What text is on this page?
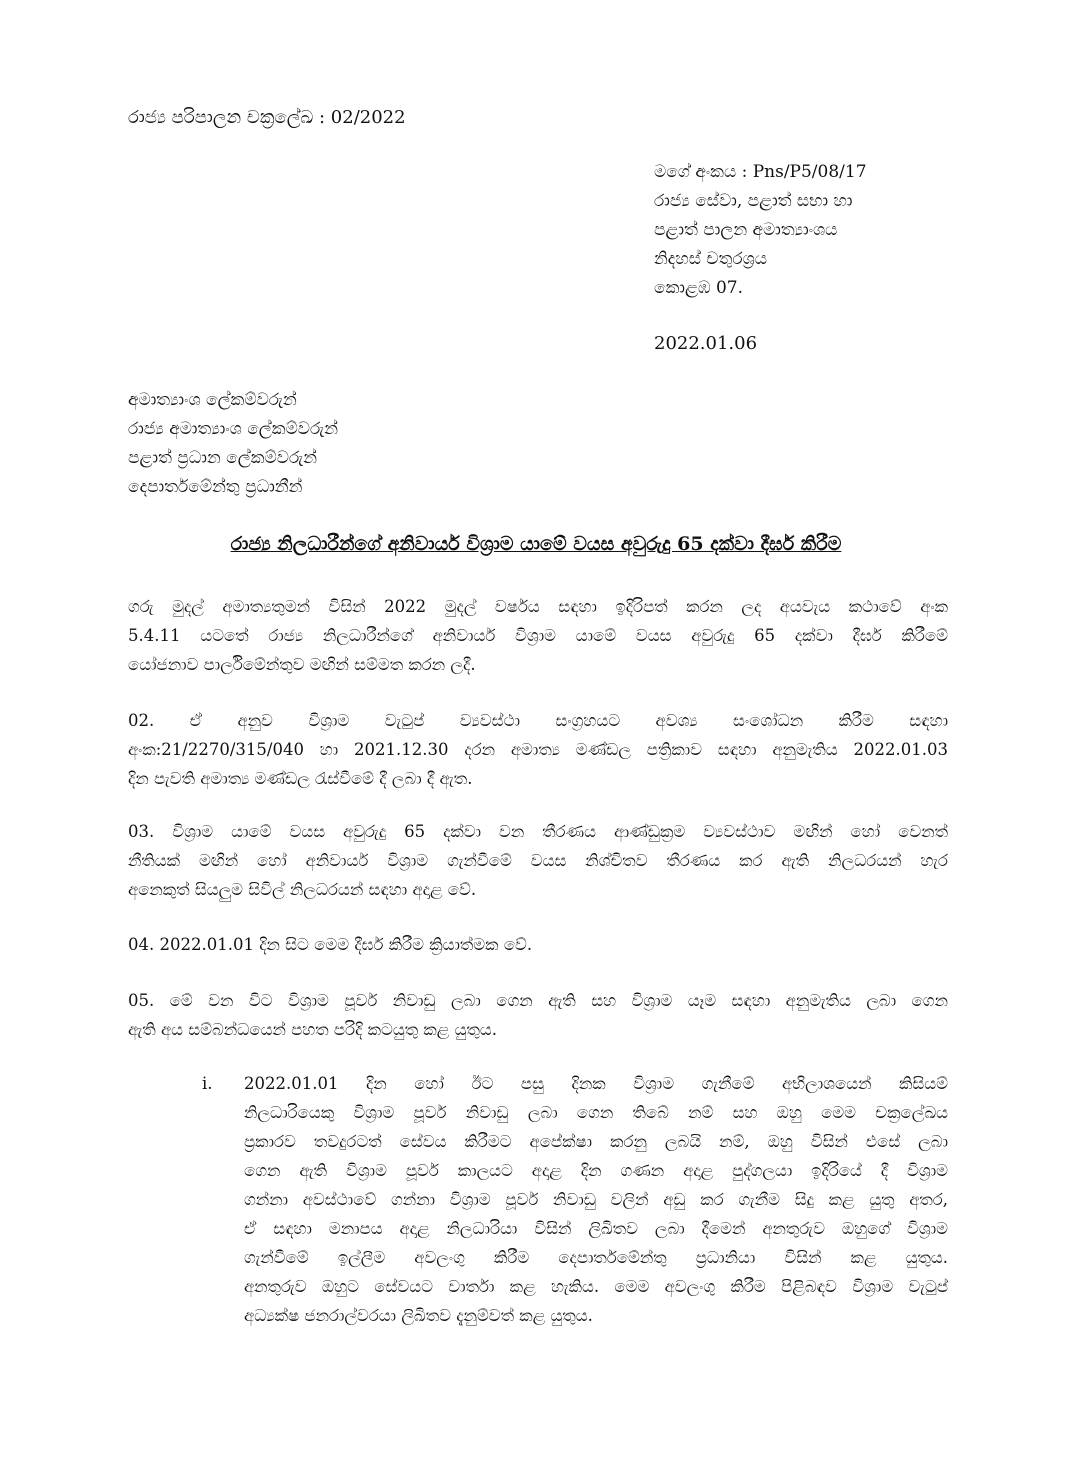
රාජ්‍ය පරිපාලන චක්‍රලේඛ : 02/2022
මගේ අංකය : Pns/P5/08/17
රාජ්‍ය සේවා, පළාත් සභා හා
පළාත් පාලන අමාත්‍යාංශය
නිදහස් චතුරශ්‍රය
කොළඹ 07.
2022.01.06
අමාත්‍යාංශ ලේකම්වරුන්
රාජ්‍ය අමාත්‍යාංශ ලේකම්වරුන්
පළාත් ප්‍රධාන ලේකම්වරුන්
දෙපාර්තමේන්තු ප්‍රධානීන්
රාජ්‍ය නිලධාරීන්ගේ අනිවාර්ය විශ්‍රාම යාමේ වයස අවුරුදු 65 දක්වා දීර්ඝ කිරීම
ගරු මුදල් අමාත්‍යතුමන් විසින් 2022 මුදල් වර්ෂය සඳහා ඉදිරිපත් කරන ලද අයවැය කථාවේ අංක
5.4.11 යටතේ රාජ්‍ය නිලධාරීන්ගේ අනිවාර්ය විශ්‍රාම යාමේ වයස අවුරුදු 65 දක්වා දීර්ඝ කිරීමේ
යෝජනාව පාර්ලිමේන්තුව මඟින් සම්මත කරන ලදී.
02. ඒ අනුව විශ්‍රාම වැටුප් ව්‍යවස්ථා සංග්‍රහයට අවශ්‍ය සංශෝධන කිරීම සඳහා
අංක:21/2270/315/040 හා 2021.12.30 දරන අමාත්‍ය මණ්ඩල පත්‍රිකාව සඳහා අනුමැතිය 2022.01.03
දින පැවති අමාත්‍ය මණ්ඩල රැස්වීමේ දී ලබා දී ඇත.
03. විශ්‍රාම යාමේ වයස අවුරුදු 65 දක්වා වන තීරණය ආණ්ඩුක්‍රම ව්‍යවස්ථාව මඟින් හෝ වෙනත්
නීතියක් මඟින් හෝ අනිවාර්ය විශ්‍රාම ගැන්වීමේ වයස නිශ්චිතව තීරණය කර ඇති නිලධරයන් හැර
අනෙකුත් සියලුම සිවිල් නිලධරයන් සඳහා අදාළ වේ.
04. 2022.01.01 දින සිට මෙම දීර්ඝ කිරීම ක්‍රියාත්මක වේ.
05. මේ වන විට විශ්‍රාම පූර්ව නිවාඩු ලබා ගෙන ඇති සහ විශ්‍රාම යෑම සඳහා අනුමැතිය ලබා ගෙන
ඇති අය සම්බන්ධයෙන් පහත පරිදි කටයුතු කළ යුතුය.
i. 2022.01.01 දින හෝ ඊට පසු දිනක විශ්‍රාම ගැනීමේ අභිලාශයෙන් කිසියම්
නිලධාරියෙකු විශ්‍රාම පූර්ව නිවාඩු ලබා ගෙන තිබේ නම් සහ ඔහු මෙම චක්‍රලේඛය
ප්‍රකාරව තවදුරටත් සේවය කිරීමට අපේක්ෂා කරනු ලබයි නම්, ඔහු විසින් එසේ ලබා
ගෙන ඇති විශ්‍රාම පූර්ව කාලයට අදාළ දින ගණන අදාළ පුද්ගලයා ඉදිරියේ දී විශ්‍රාම
ගන්නා අවස්ථාවේ ගන්නා විශ්‍රාම පූර්ව නිවාඩු වලින් අඩු කර ගැනීම සිදු කළ යුතු අතර,
ඒ සඳහා මනාපය අදාළ නිලධාරියා විසින් ලිඛිතව ලබා දීමෙන් අනතුරුව ඔහුගේ විශ්‍රාම
ගැන්වීමේ ඉල්ලීම අවලංගු කිරීම දෙපාර්තමේන්තු ප්‍රධානියා විසින් කළ යුතුය.
අනතුරුව ඔහුට සේවයට වාර්තා කළ හැකිය. මෙම අවලංගු කිරීම පිළිබඳව විශ්‍රාම වැටුප්
අධ්‍යක්ෂ ජනරාල්වරයා ලිඛිතව දැනුම්වත් කළ යුතුය.
